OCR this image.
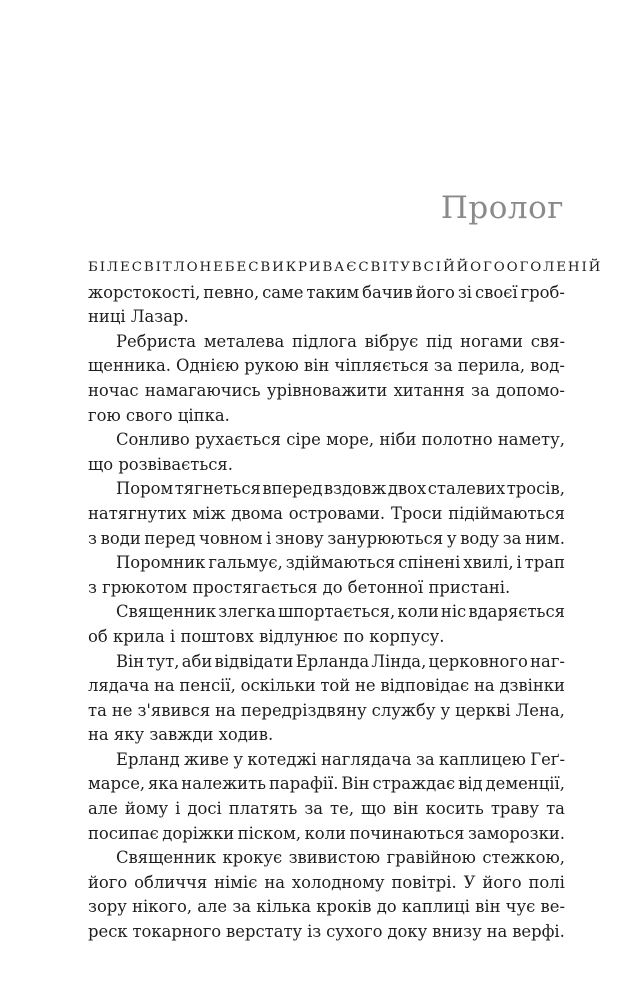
Пролог
БІЛЕ СВІТЛО НЕБЕС ВИКРИВАЄ СВІТ У ВСІЙ ЙОГО ОГОЛЕНІЙ
жорстокості, певно, саме таким бачив його зі своєї гроб-
ниці Лазар.
Ребриста металева підлога вібрує під ногами свя-
щенника. Однією рукою він чіпляється за перила, вод-
ночас намагаючись урівноважити хитання за допомо-
гою свого ціпка.
Сонливо рухається сіре море, ніби полотно намету,
що розвівається.
Пором тягнеться вперед вздовж двох сталевих тросів,
натягнутих між двома островами. Троси підіймаються
з води перед човном і знову занурюються у воду за ним.
Поромник гальмує, здіймаються спінені хвилі, і трап
з грюкотом простягається до бетонної пристані.
Священник злегка шпортається, коли ніс вдаряється
об крила і поштовх відлунює по корпусу.
Він тут, аби відвідати Ерланда Лінда, церковного наг-
лядача на пенсії, оскільки той не відповідає на дзвінки
та не з'явився на передріздвяну службу у церкві Лена,
на яку завжди ходив.
Ерланд живе у котеджі наглядача за каплицею Геґ-
марсе, яка належить парафії. Він страждає від деменції,
але йому і досі платять за те, що він косить траву та
посипає доріжки піском, коли починаються заморозки.
Священник крокує звивистою гравійною стежкою,
його обличчя німіє на холодному повітрі. У його полі
зору нікого, але за кілька кроків до каплиці він чує ве-
реск токарного верстату із сухого доку внизу на верфі.
